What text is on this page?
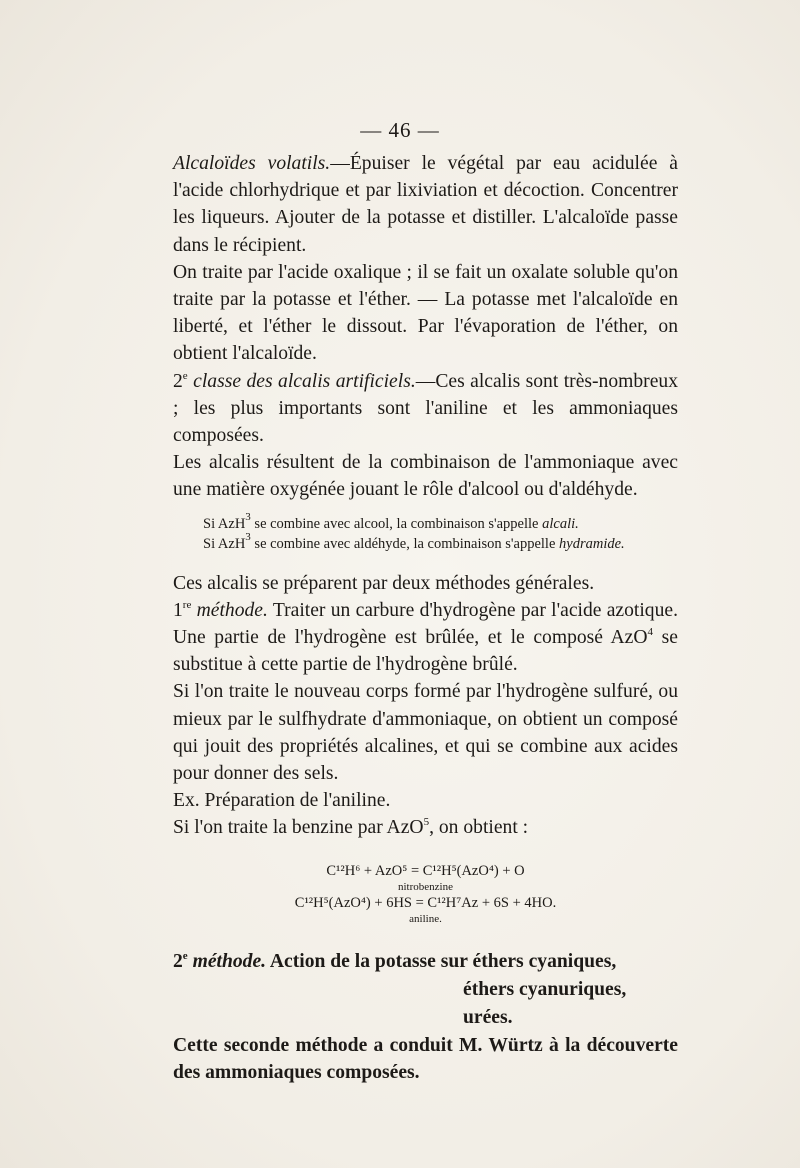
— 46 —

Alcaloïdes volatils.—Épuiser le végétal par eau acidulée à l'acide chlorhydrique et par lixiviation et décoction. Concentrer les liqueurs. Ajouter de la potasse et distiller. L'alcaloïde passe dans le récipient.

On traite par l'acide oxalique ; il se fait un oxalate soluble qu'on traite par la potasse et l'éther. — La potasse met l'alcaloïde en liberté, et l'éther le dissout. Par l'évaporation de l'éther, on obtient l'alcaloïde.

2e classe des alcalis artificiels.—Ces alcalis sont très-nombreux ; les plus importants sont l'aniline et les ammoniaques composées.

Les alcalis résultent de la combinaison de l'ammoniaque avec une matière oxygénée jouant le rôle d'alcool ou d'aldéhyde.

Si AzH$^3$ se combine avec alcool, la combinaison s'appelle alcali.
Si AzH$^3$ se combine avec aldéhyde, la combinaison s'appelle hydramide.

Ces alcalis se préparent par deux méthodes générales.

1re méthode. Traiter un carbure d'hydrogène par l'acide azotique. Une partie de l'hydrogène est brûlée, et le composé AzO$^4$ se substitue à cette partie de l'hydrogène brûlé.

Si l'on traite le nouveau corps formé par l'hydrogène sulfuré, ou mieux par le sulfhydrate d'ammoniaque, on obtient un composé qui jouit des propriétés alcalines, et qui se combine aux acides pour donner des sels.

Ex. Préparation de l'aniline.

Si l'on traite la benzine par AzO$^5$, on obtient :

C¹²H⁶ + AzO⁵ = C¹²H⁵(AzO⁴) + O
nitrobenzine
C¹²H⁵(AzO⁴) + 6HS = C¹²H⁷Az + 6S + 4HO.
aniline.
2e méthode. Action de la potasse sur éthers cyaniques,
éthers cyanuriques,
urées.

Cette seconde méthode a conduit M. Würtz à la découverte des ammoniaques composées.
